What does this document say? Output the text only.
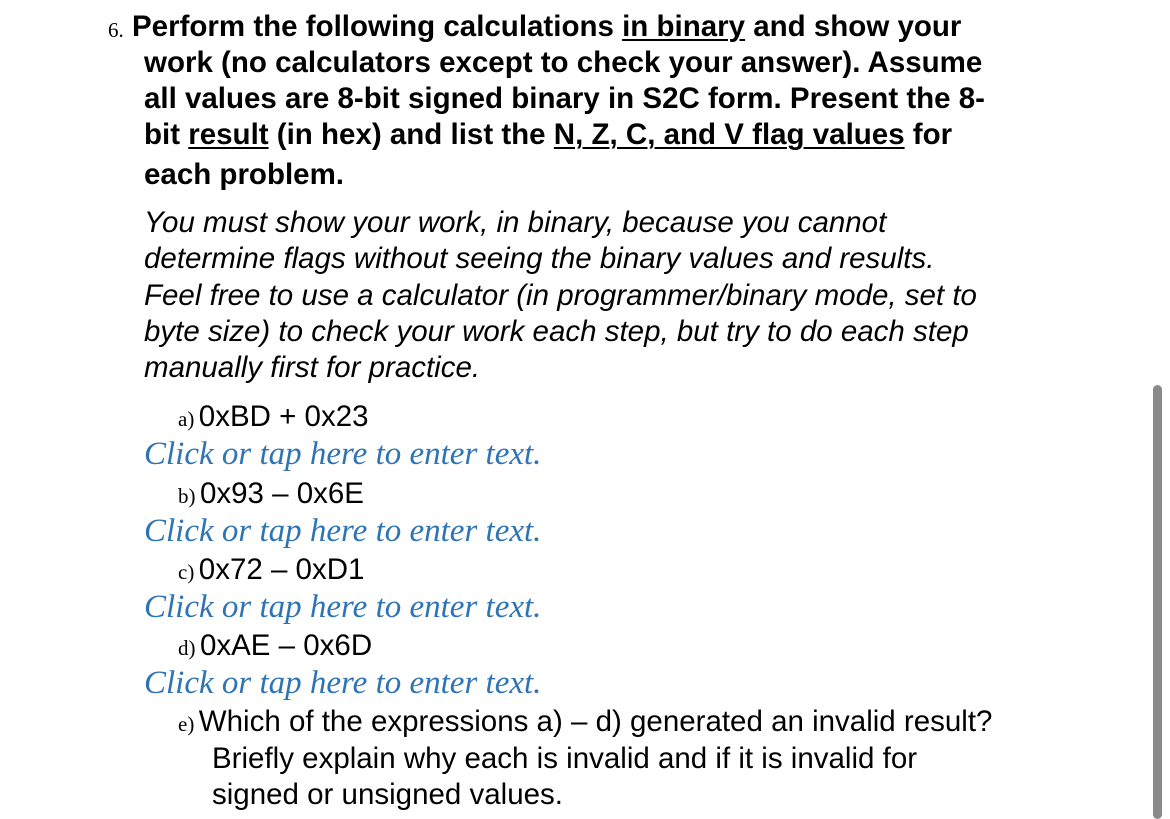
6. Perform the following calculations in binary and show your
work (no calculators except to check your answer). Assume
all values are 8-bit signed binary in S2C form. Present the 8-
bit result (in hex) and list the N, Z, C, and V flag values for
each problem.
You must show your work, in binary, because you cannot
determine flags without seeing the binary values and results.
Feel free to use a calculator (in programmer/binary mode, set to
byte size) to check your work each step, but try to do each step
manually first for practice.
a) 0xBD + 0x23
Click or tap here to enter text.
b) 0x93 – 0x6E
Click or tap here to enter text.
c) 0x72 – 0xD1
Click or tap here to enter text.
d) 0xAE – 0x6D
Click or tap here to enter text.
e) Which of the expressions a) – d) generated an invalid result?
Briefly explain why each is invalid and if it is invalid for
signed or unsigned values.
